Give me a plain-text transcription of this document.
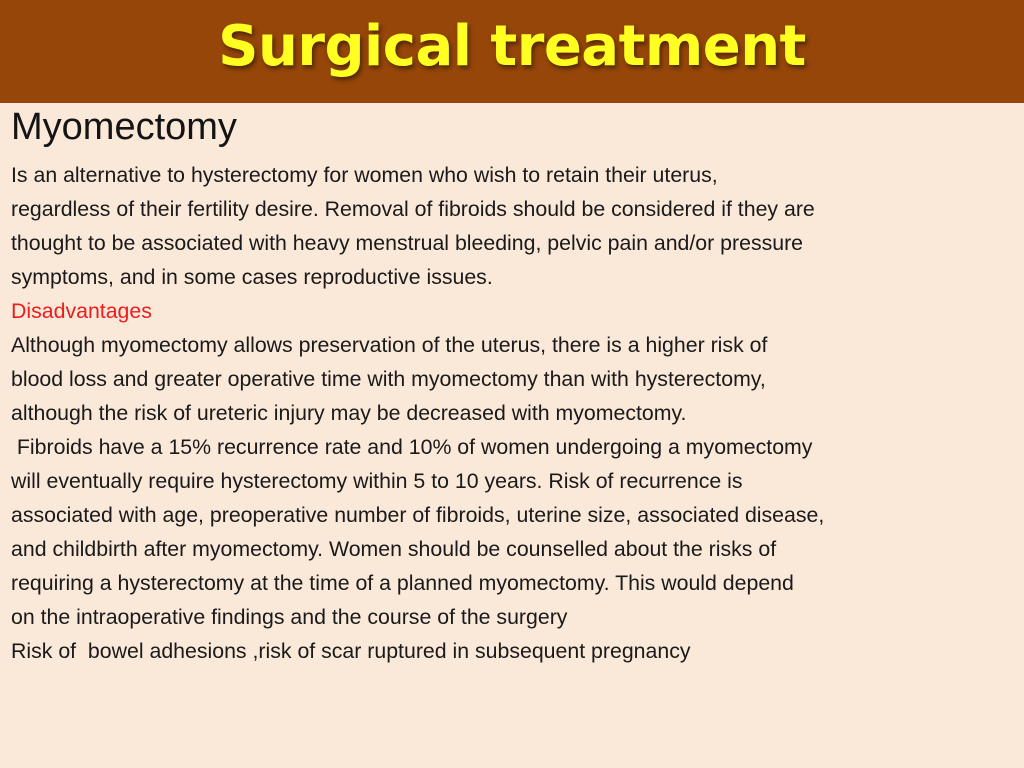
Surgical treatment
Myomectomy

Is an alternative to hysterectomy for women who wish to retain their uterus,

regardless of their fertility desire. Removal of fibroids should be considered if they are

thought to be associated with heavy menstrual bleeding, pelvic pain and/or pressure

symptoms, and in some cases reproductive issues.

Disadvantages

Although myomectomy allows preservation of the uterus, there is a higher risk of

blood loss and greater operative time with myomectomy than with hysterectomy,

although the risk of ureteric injury may be decreased with myomectomy.

Fibroids have a 15% recurrence rate and 10% of women undergoing a myomectomy

will eventually require hysterectomy within 5 to 10 years. Risk of recurrence is

associated with age, preoperative number of fibroids, uterine size, associated disease,

and childbirth after myomectomy. Women should be counselled about the risks of

requiring a hysterectomy at the time of a planned myomectomy. This would depend

on the intraoperative findings and the course of the surgery

Risk of  bowel adhesions ,risk of scar ruptured in subsequent pregnancy
